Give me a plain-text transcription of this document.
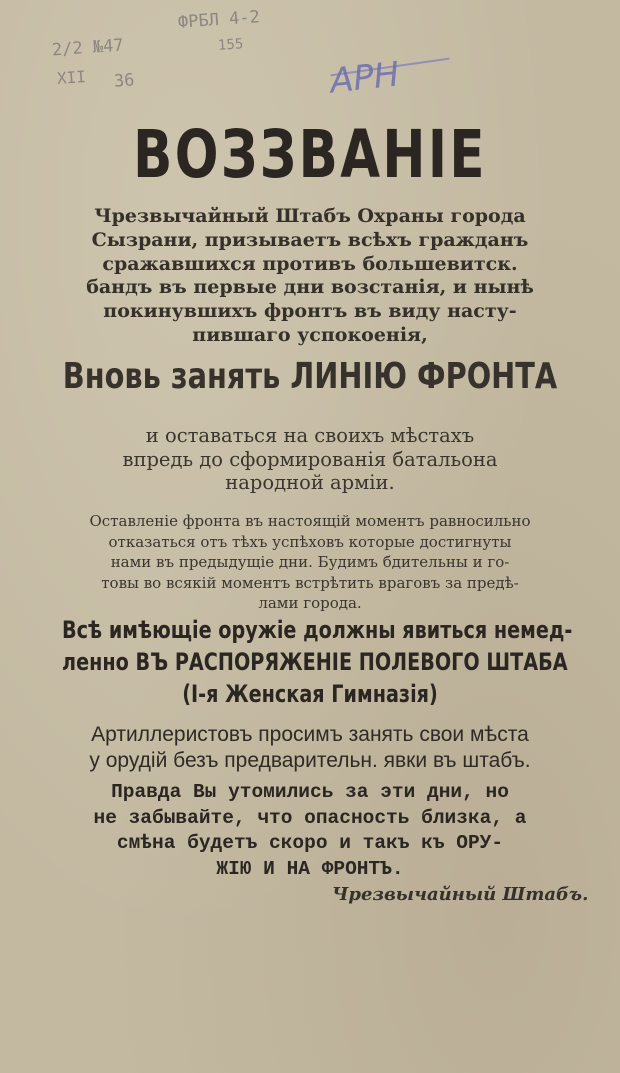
2/2 №47
ФРБЛ 4-2
XII
155
36	АРН
ВОЗЗВАНІЕ
Чрезвычайный Штабъ Охраны города
Сызрани, призываетъ всѣхъ гражданъ
сражавшихся противъ большевитск.
бандъ въ первые дни возстанія, и нынѣ
покинувшихъ фронтъ въ виду насту-
пившаго успокоенія,
Вновь занять ЛИНІЮ ФРОНТА
и оставаться на своихъ мѣстахъ
впредь до сформированія батальона
народной арміи.
Оставленіе фронта въ настоящій моментъ равносильно
отказаться отъ тѣхъ успѣховъ которые достигнуты
нами въ предыдущіе дни. Будимъ бдительны и го-
товы во всякій моментъ встрѣтить враговъ за предѣ-
лами города.
Всѣ имѣющіе оружіе должны явиться немед-
ленно ВЪ РАСПОРЯЖЕНІЕ ПОЛЕВОГО ШТАБА
(І-я Женская Гимназія)
Артиллеристовъ просимъ занять свои мѣста
у орудій безъ предварительн. явки въ штабъ.
Правда Вы утомились за эти дни, но
не забывайте, что опасность близка, а
смѣна будетъ скоро и такъ къ ОРУ-
ЖІЮ И НА ФРОНТЪ.
Чрезвычайный Штабъ.
